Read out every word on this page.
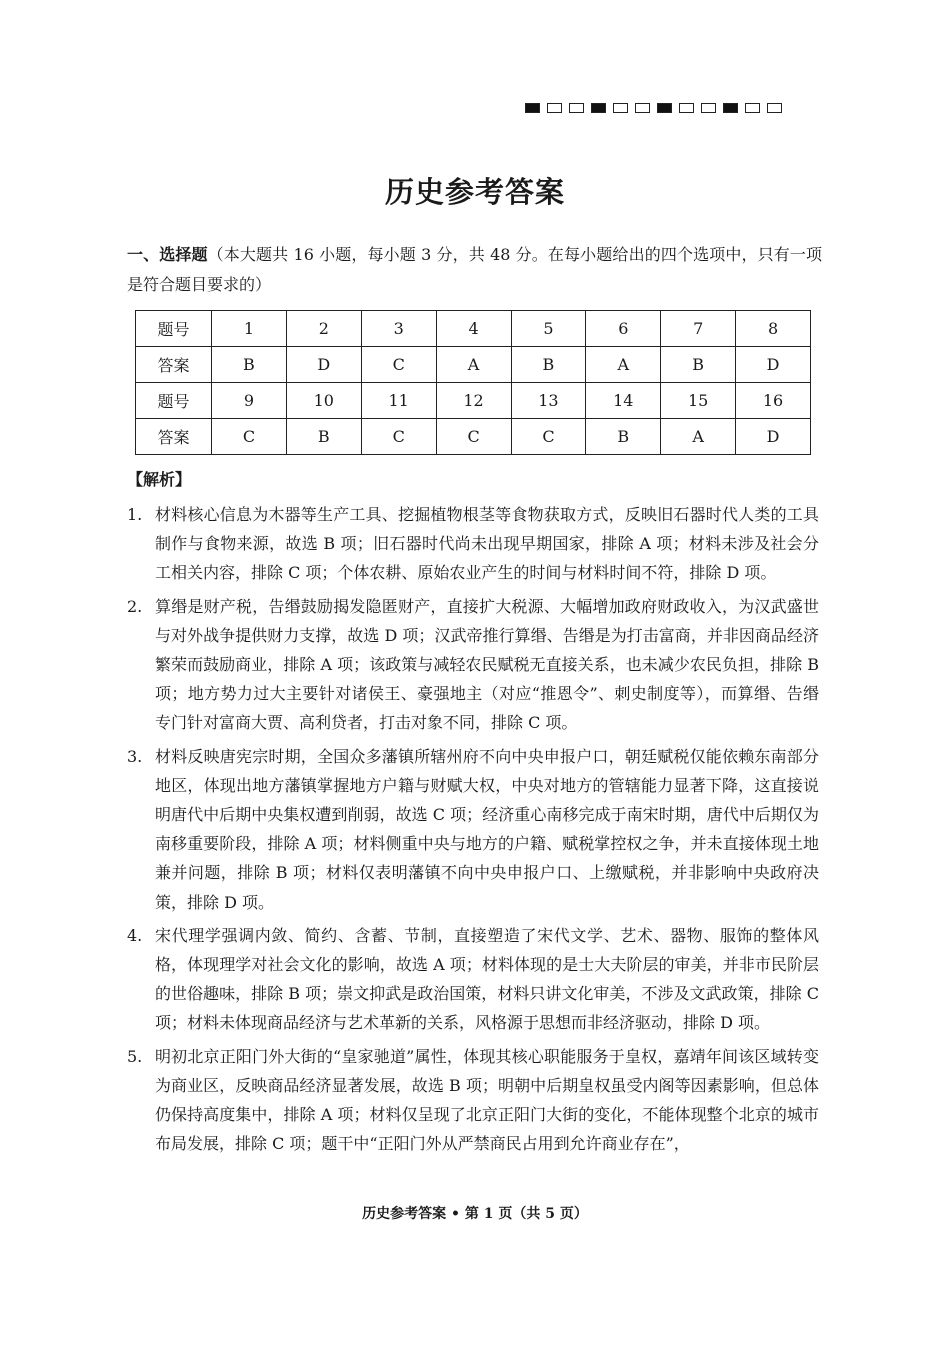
历史参考答案
一、选择题（本大题共 16 小题，每小题 3 分，共 48 分。在每小题给出的四个选项中，只有一项是符合题目要求的）
题号	1	2	3	4	5	6	7	8
答案	B	D	C	A	B	A	B	D
题号	9	10	11	12	13	14	15	16
答案	C	B	C	C	C	B	A	D
【解析】
1. 材料核心信息为木器等生产工具、挖掘植物根茎等食物获取方式，反映旧石器时代人类的工具制作与食物来源，故选 B 项；旧石器时代尚未出现早期国家，排除 A 项；材料未涉及社会分工相关内容，排除 C 项；个体农耕、原始农业产生的时间与材料时间不符，排除 D 项。
2. 算缗是财产税，告缗鼓励揭发隐匿财产，直接扩大税源、大幅增加政府财政收入，为汉武盛世与对外战争提供财力支撑，故选 D 项；汉武帝推行算缗、告缗是为打击富商，并非因商品经济繁荣而鼓励商业，排除 A 项；该政策与减轻农民赋税无直接关系，也未减少农民负担，排除 B 项；地方势力过大主要针对诸侯王、豪强地主（对应“推恩令”、刺史制度等），而算缗、告缗专门针对富商大贾、高利贷者，打击对象不同，排除 C 项。
3. 材料反映唐宪宗时期，全国众多藩镇所辖州府不向中央申报户口，朝廷赋税仅能依赖东南部分地区，体现出地方藩镇掌握地方户籍与财赋大权，中央对地方的管辖能力显著下降，这直接说明唐代中后期中央集权遭到削弱，故选 C 项；经济重心南移完成于南宋时期，唐代中后期仅为南移重要阶段，排除 A 项；材料侧重中央与地方的户籍、赋税掌控权之争，并未直接体现土地兼并问题，排除 B 项；材料仅表明藩镇不向中央申报户口、上缴赋税，并非影响中央政府决策，排除 D 项。
4. 宋代理学强调内敛、简约、含蓄、节制，直接塑造了宋代文学、艺术、器物、服饰的整体风格，体现理学对社会文化的影响，故选 A 项；材料体现的是士大夫阶层的审美，并非市民阶层的世俗趣味，排除 B 项；崇文抑武是政治国策，材料只讲文化审美，不涉及文武政策，排除 C 项；材料未体现商品经济与艺术革新的关系，风格源于思想而非经济驱动，排除 D 项。
5. 明初北京正阳门外大街的“皇家驰道”属性，体现其核心职能服务于皇权，嘉靖年间该区域转变为商业区，反映商品经济显著发展，故选 B 项；明朝中后期皇权虽受内阁等因素影响，但总体仍保持高度集中，排除 A 项；材料仅呈现了北京正阳门大街的变化，不能体现整个北京的城市布局发展，排除 C 项；题干中“正阳门外从严禁商民占用到允许商业存在”，
历史参考答案 • 第 1 页（共 5 页）
